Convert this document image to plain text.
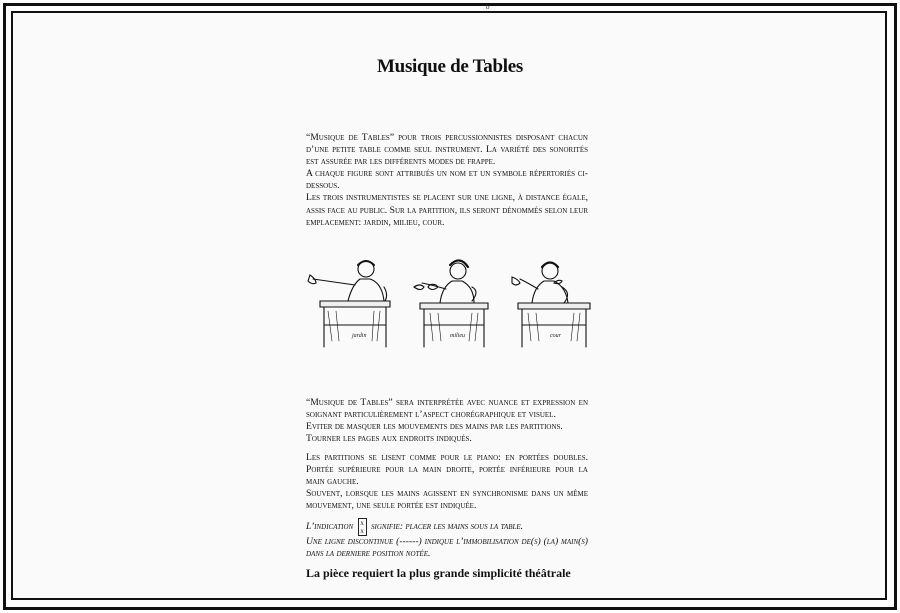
b
Musique de Tables

“Musique de Tables” pour trois percussionnistes disposant chacun d’une petite table comme seul instrument. La variété des sonorités est assurée par les différents modes de frappe.

A chaque figure sont attribués un nom et un symbole répertoriés ci-dessous.

Les trois instrumentistes se placent sur une ligne, à distance égale, assis face au public. Sur la partition, ils seront dénommés selon leur emplacement: jardin, milieu, cour.

jardin	milieu	cour

“Musique de Tables” sera interprétée avec nuance et expression en soignant particulièrement l’aspect chorégraphique et visuel.

Eviter de masquer les mouvements des mains par les partitions.

Tourner les pages aux endroits indiqués.

Les partitions se lisent comme pour le piano: en portées doubles. Portée supérieure pour la main droite, portée inférieure pour la main gauche.

Souvent, lorsque les mains agissent en synchronisme dans un même mouvement, une seule portée est indiquée.

L’indication x
x signifie: placer les mains sous la table.

Une ligne discontinue (------) indique l’immobilisation de(s) (la) main(s) dans la derniere position notée.

La pièce requiert la plus grande simplicité théâtrale
